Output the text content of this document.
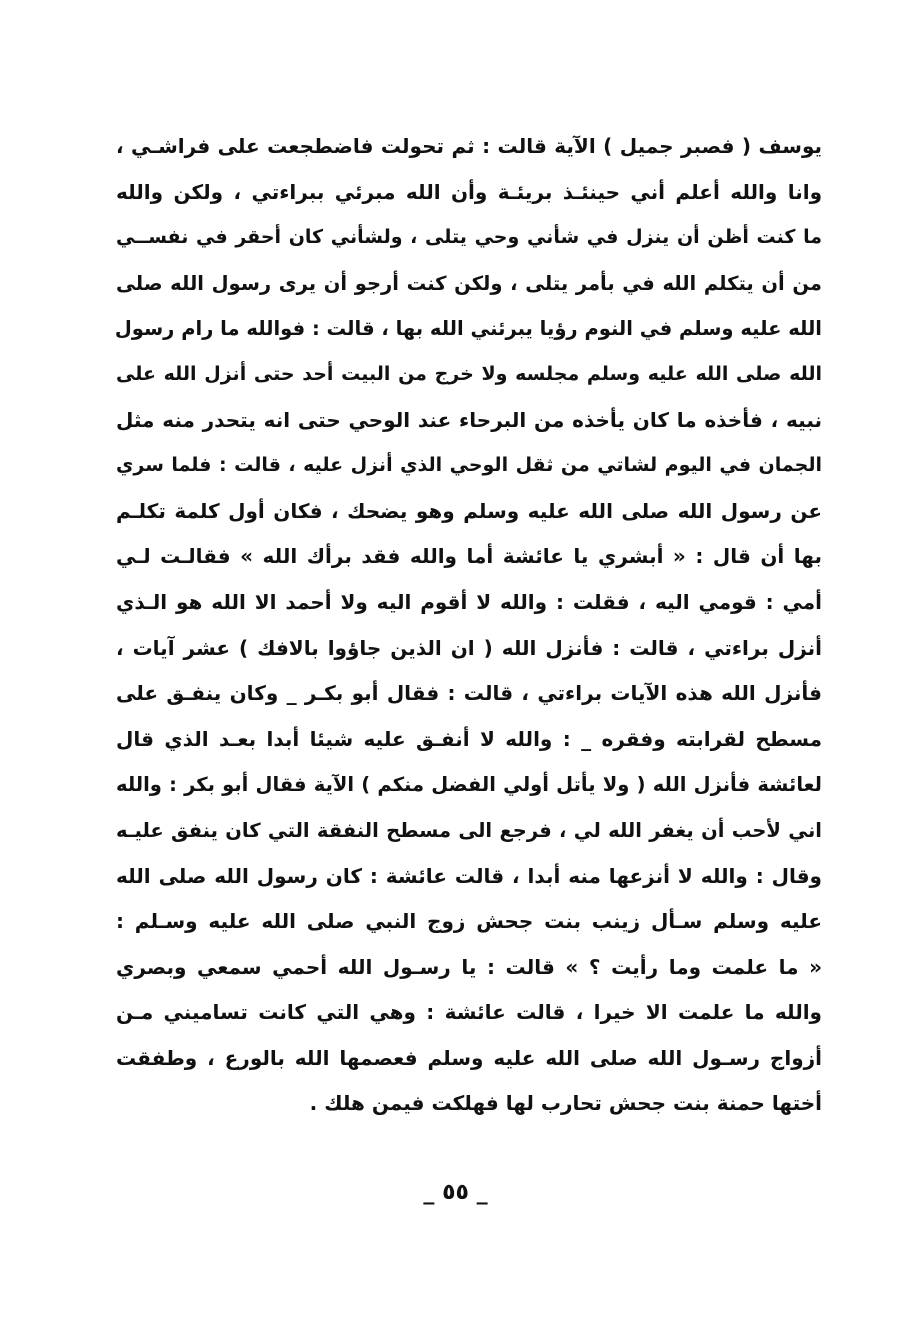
يوسف ( فصبر جميل ) الآية قالت : ثم تحولت فاضطجعت على فراشـي ،
وانا والله أعلم أني حينئـذ بريئـة وأن الله مبرئي ببراءتي ، ولكن والله
ما كنت أظن أن ينزل في شأني وحي يتلى ، ولشأني كان أحقر في نفســي
من أن يتكلم الله في بأمر يتلى ، ولكن كنت أرجو أن يرى رسول الله صلى
الله عليه وسلم في النوم رؤيا يبرئني الله بها ، قالت : فوالله ما رام رسول
الله صلى الله عليه وسلم مجلسه ولا خرج من البيت أحد حتى أنزل الله على
نبيه ، فأخذه ما كان يأخذه من البرحاء عند الوحي حتى انه يتحدر منه مثل
الجمان في اليوم لشاتي من ثقل الوحي الذي أنزل عليه ، قالت : فلما سري
عن رسول الله صلى الله عليه وسلم وهو يضحك ، فكان أول كلمة تكلـم
بها أن قال : « أبشري يا عائشة أما والله فقد برأك الله » فقالـت لـي
أمي : قومي اليه ، فقلت : والله لا أقوم اليه ولا أحمد الا الله هو الـذي
أنزل براءتي ، قالت : فأنزل الله ( ان الذين جاؤوا بالافك ) عشر آيات ،
فأنزل الله هذه الآيات براءتي ، قالت : فقال أبو بكـر _ وكان ينفـق على
مسطح لقرابته وفقره _ : والله لا أنفـق عليه شيئا أبدا بعـد الذي قال
لعائشة فأنزل الله ( ولا يأتل أولي الفضل منكم ) الآية فقال أبو بكر : والله
اني لأحب أن يغفر الله لي ، فرجع الى مسطح النفقة التي كان ينفق عليـه
وقال : والله لا أنزعها منه أبدا ، قالت عائشة : كان رسول الله صلى الله
عليه وسلم سـأل زينب بنت جحش زوج النبي صلى الله عليه وسـلم :
« ما علمت وما رأيت ؟ » قالت : يا رسـول الله أحمي سمعي وبصري
والله ما علمت الا خيرا ، قالت عائشة : وهي التي كانت تساميني مـن
أزواج رسـول الله صلى الله عليه وسلم فعصمها الله بالورع ، وطفقت
أختها حمنة بنت جحش تحارب لها فهلكت فيمن هلك .
_ ٥٥ _
